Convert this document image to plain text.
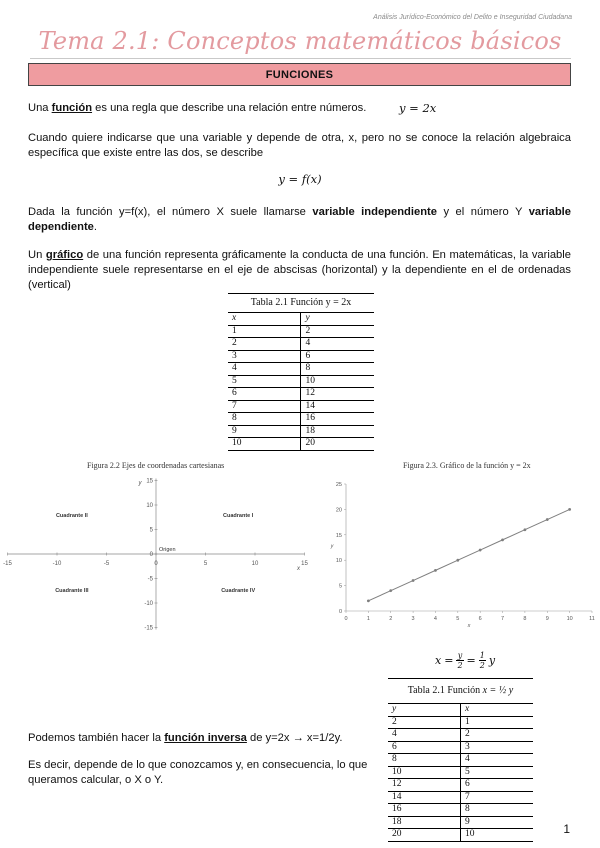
Análisis Jurídico-Económico del Delito e Inseguridad Ciudadana
Tema 2.1: Conceptos matemáticos básicos
FUNCIONES
Una función es una regla que describe una relación entre números.	y = 2x
Cuando quiere indicarse que una variable y depende de otra, x, pero no se conoce la relación algebraica específica que existe entre las dos, se describe
y = f(x)
Dada la función y=f(x), el número X suele llamarse variable independiente y el número Y variable dependiente.
Un gráfico de una función representa gráficamente la conducta de una función. En matemáticas, la variable independiente suele representarse en el eje de abscisas (horizontal) y la dependiente en el de ordenadas (vertical)
Tabla 2.1 Función y = 2x	
x	y
1	2
2	4
3	6
4	8
5	10
6	12
7	14
8	16
9	18
10	20
Figura 2.2 Ejes de coordenadas cartesianas	Figura 2.3. Gráfico de la función y = 2x
-15	-10	-5	0	5	10	15
15
10
5
0
-5
-10
-15
x
y
Cuadrante II	Cuadrante I
Cuadrante III	Cuadrante IV
Origen
0	1	2	3	4	5	6	7	8	9	10	11
0
5
10
15
20
25
x
y
$x = \frac{y}{2} = \frac{1}{2}$ y
Podemos también hacer la función inversa de y=2x → x=1/2y.
Es decir, depende de lo que conozcamos y, en consecuencia, lo que queramos calcular, o X o Y.
Tabla 2.1 Función x = ½ y	
y	x
2	1
4	2
6	3
8	4
10	5
12	6
14	7
16	8
18	9
20	10	1
